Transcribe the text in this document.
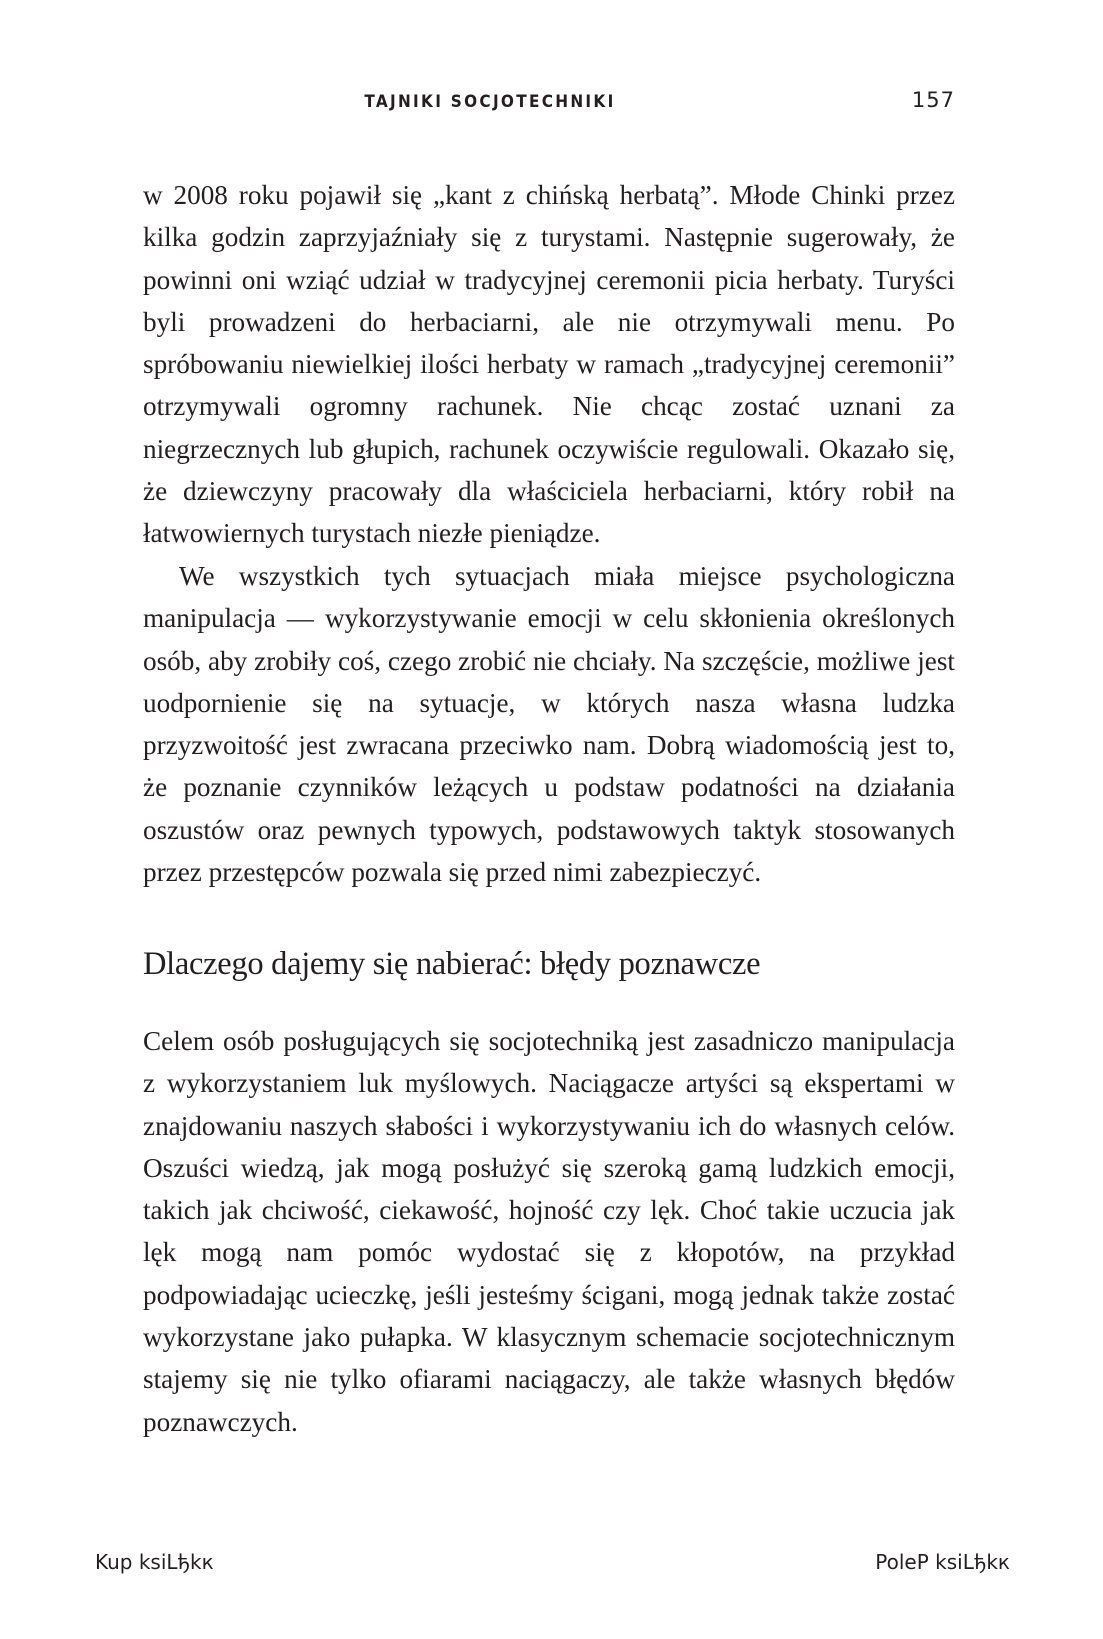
TAJNIKI SOCJOTECHNIKI	157

w 2008 roku pojawił się „kant z chińską herbatą”. Młode Chinki przez kilka godzin zaprzyjaźniały się z turystami. Następnie sugerowały, że powinni oni wziąć udział w tradycyjnej ceremonii picia herbaty. Turyści byli prowadzeni do herbaciarni, ale nie otrzymywali menu. Po spróbowaniu niewielkiej ilości herbaty w ramach „tradycyjnej ceremonii” otrzymywali ogromny rachunek. Nie chcąc zostać uznani za niegrzecznych lub głupich, rachunek oczywiście regulowali. Okazało się, że dziewczyny pracowały dla właściciela herbaciarni, który robił na łatwowiernych turystach niezłe pieniądze.

We wszystkich tych sytuacjach miała miejsce psychologiczna manipulacja — wykorzystywanie emocji w celu skłonienia określonych osób, aby zrobiły coś, czego zrobić nie chciały. Na szczęście, możliwe jest uodpornienie się na sytuacje, w których nasza własna ludzka przyzwoitość jest zwracana przeciwko nam. Dobrą wiadomością jest to, że poznanie czynników leżących u podstaw podatności na działania oszustów oraz pewnych typowych, podstawowych taktyk stosowanych przez przestępców pozwala się przed nimi zabezpieczyć.

Dlaczego dajemy się nabierać: błędy poznawcze

Celem osób posługujących się socjotechniką jest zasadniczo manipulacja z wykorzystaniem luk myślowych. Naciągacze artyści są ekspertami w znajdowaniu naszych słabości i wykorzystywaniu ich do własnych celów. Oszuści wiedzą, jak mogą posłużyć się szeroką gamą ludzkich emocji, takich jak chciwość, ciekawość, hojność czy lęk. Choć takie uczucia jak lęk mogą nam pomóc wydostać się z kłopotów, na przykład podpowiadając ucieczkę, jeśli jesteśmy ścigani, mogą jednak także zostać wykorzystane jako pułapka. W klasycznym schemacie socjotechnicznym stajemy się nie tylko ofiarami naciągaczy, ale także własnych błędów poznawczych.

Kup ksiLђkк	PoleP ksiLђkк
